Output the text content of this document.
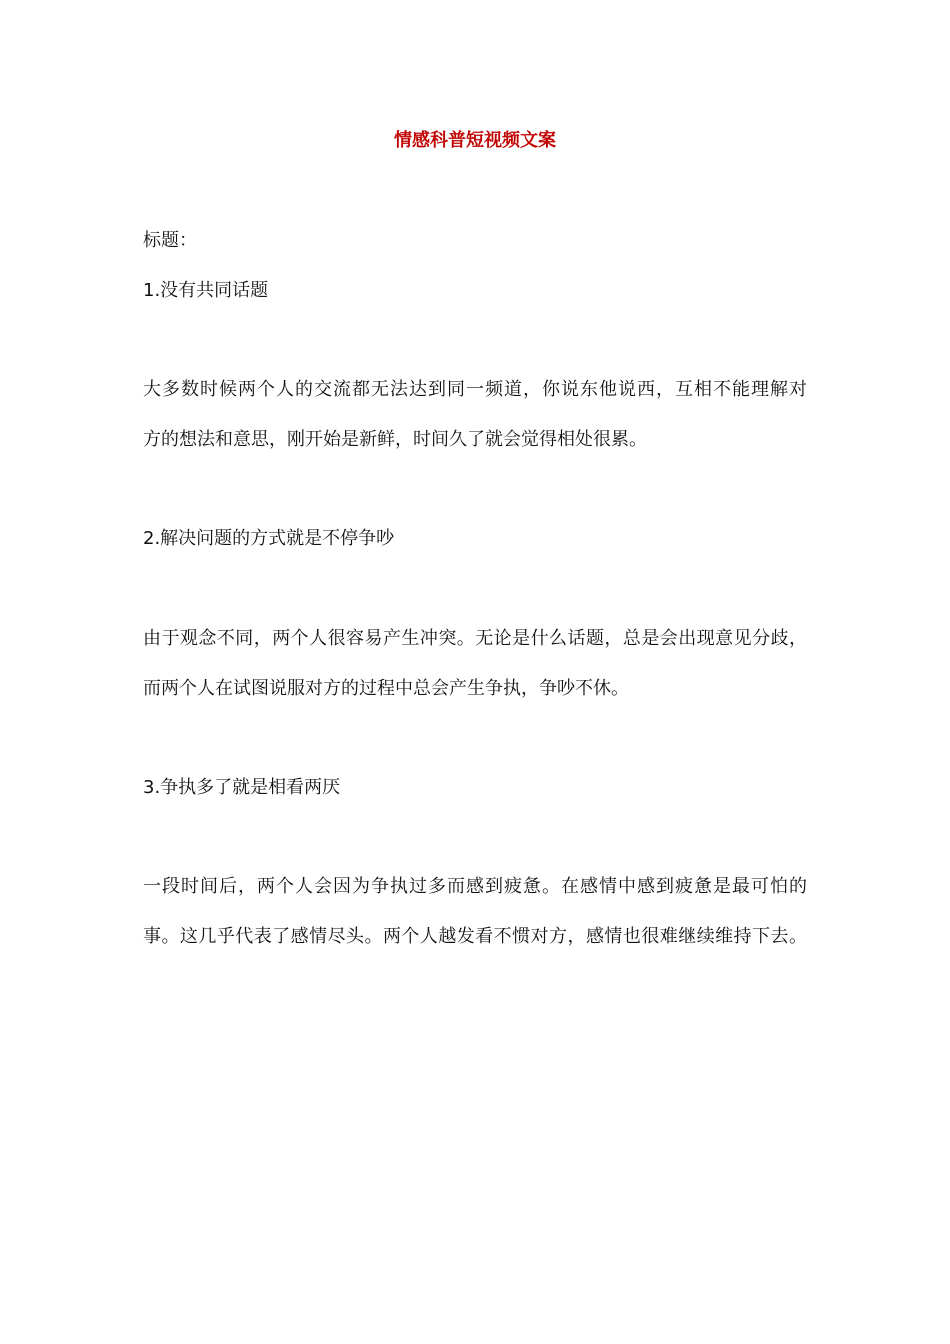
情感科普短视频文案
标题：
1.没有共同话题
大多数时候两个人的交流都无法达到同一频道，你说东他说西，互相不能理解对
方的想法和意思，刚开始是新鲜，时间久了就会觉得相处很累。
2.解决问题的方式就是不停争吵
由于观念不同，两个人很容易产生冲突。无论是什么话题，总是会出现意见分歧，
而两个人在试图说服对方的过程中总会产生争执，争吵不休。
3.争执多了就是相看两厌
一段时间后，两个人会因为争执过多而感到疲惫。在感情中感到疲惫是最可怕的
事。这几乎代表了感情尽头。两个人越发看不惯对方，感情也很难继续维持下去。
